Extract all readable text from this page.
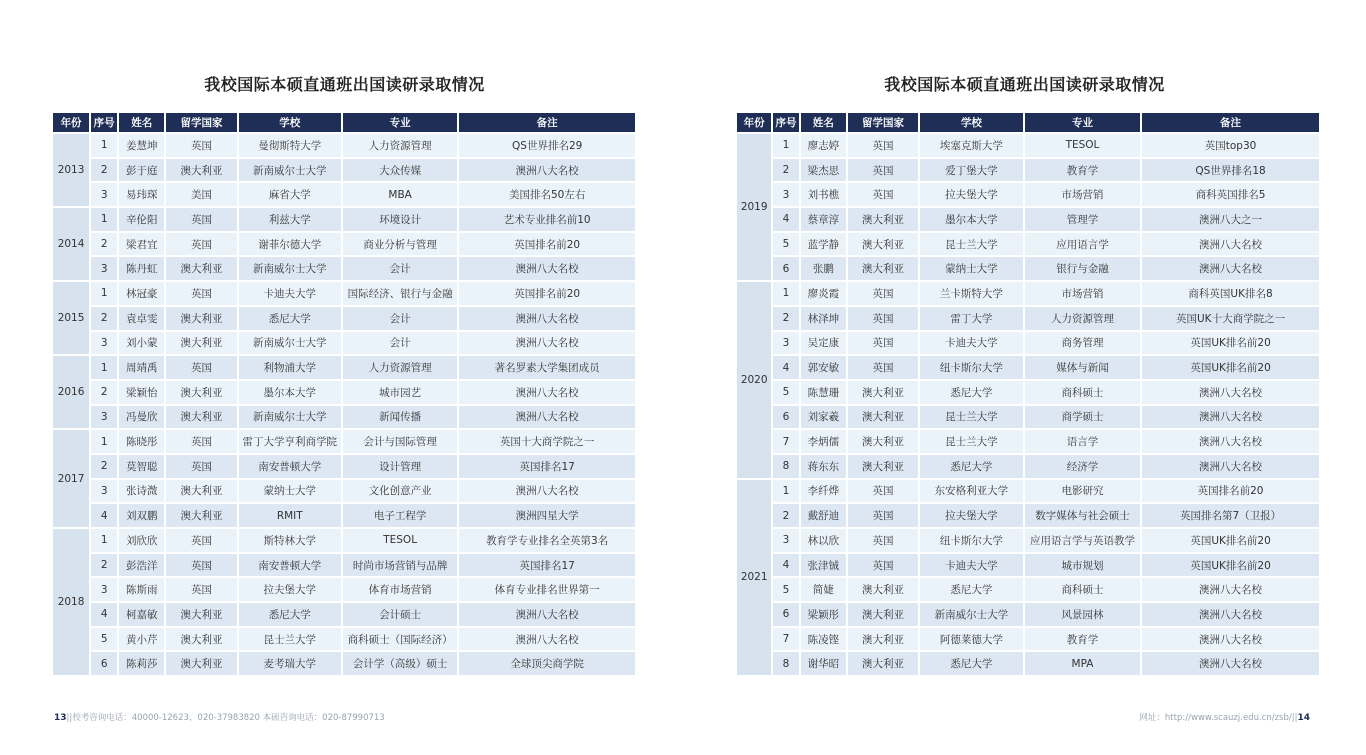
我校国际本硕直通班出国读研录取情况
年份	序号	姓名	留学国家	学校	专业	备注
2013	1	姜慧坤	英国	曼彻斯特大学	人力资源管理	QS世界排名29
	2	彭于庭	澳大利亚	新南威尔士大学	大众传媒	澳洲八大名校
	3	易玮琛	美国	麻省大学	MBA	美国排名50左右
2014	1	辛伦阳	英国	利兹大学	环境设计	艺术专业排名前10
	2	梁君宜	英国	谢菲尔德大学	商业分析与管理	英国排名前20
	3	陈丹虹	澳大利亚	新南威尔士大学	会计	澳洲八大名校
2015	1	林冠豪	英国	卡迪夫大学	国际经济、银行与金融	英国排名前20
	2	袁卓雯	澳大利亚	悉尼大学	会计	澳洲八大名校
	3	刘小蒙	澳大利亚	新南威尔士大学	会计	澳洲八大名校
2016	1	周靖禹	英国	利物浦大学	人力资源管理	著名罗素大学集团成员
	2	梁颖怡	澳大利亚	墨尔本大学	城市园艺	澳洲八大名校
	3	冯曼欣	澳大利亚	新南威尔士大学	新闻传播	澳洲八大名校
2017	1	陈晓彤	英国	雷丁大学亨利商学院	会计与国际管理	英国十大商学院之一
	2	莫智聪	英国	南安普顿大学	设计管理	英国排名17
	3	张诗溦	澳大利亚	蒙纳士大学	文化创意产业	澳洲八大名校
	4	刘双鹏	澳大利亚	RMIT	电子工程学	澳洲四星大学
2018	1	刘欣欣	英国	斯特林大学	TESOL	教育学专业排名全英第3名
	2	彭浩洋	英国	南安普顿大学	时尚市场营销与品牌	英国排名17
	3	陈斯雨	英国	拉夫堡大学	体育市场营销	体育专业排名世界第一
	4	柯嘉敏	澳大利亚	悉尼大学	会计硕士	澳洲八大名校
	5	黄小芹	澳大利亚	昆士兰大学	商科硕士（国际经济）	澳洲八大名校
	6	陈莉莎	澳大利亚	麦考瑞大学	会计学（高级）硕士	全球顶尖商学院
13||校考咨询电话：40000-12623、020-37983820 本硕咨询电话：020-87990713
我校国际本硕直通班出国读研录取情况
年份	序号	姓名	留学国家	学校	专业	备注
2019	1	廖志婷	英国	埃塞克斯大学	TESOL	英国top30
	2	梁杰思	英国	爱丁堡大学	教育学	QS世界排名18
	3	刘书樵	英国	拉夫堡大学	市场营销	商科英国排名5
	4	蔡章淳	澳大利亚	墨尔本大学	管理学	澳洲八大之一
	5	蓝学静	澳大利亚	昆士兰大学	应用语言学	澳洲八大名校
	6	张鹏	澳大利亚	蒙纳士大学	银行与金融	澳洲八大名校
2020	1	廖炎霞	英国	兰卡斯特大学	市场营销	商科英国UK排名8
	2	林泽坤	英国	雷丁大学	人力资源管理	英国UK十大商学院之一
	3	吴定康	英国	卡迪夫大学	商务管理	英国UK排名前20
	4	郭安敏	英国	纽卡斯尔大学	媒体与新闻	英国UK排名前20
	5	陈慧珊	澳大利亚	悉尼大学	商科硕士	澳洲八大名校
	6	刘家羲	澳大利亚	昆士兰大学	商学硕士	澳洲八大名校
	7	李炳儒	澳大利亚	昆士兰大学	语言学	澳洲八大名校
	8	蒋东东	澳大利亚	悉尼大学	经济学	澳洲八大名校
2021	1	李纤烨	英国	东安格利亚大学	电影研究	英国排名前20
	2	戴舒迪	英国	拉夫堡大学	数字媒体与社会硕士	英国排名第7（卫报）
	3	林以欣	英国	纽卡斯尔大学	应用语言学与英语教学	英国UK排名前20
	4	张津铖	英国	卡迪夫大学	城市规划	英国UK排名前20
	5	简婕	澳大利亚	悉尼大学	商科硕士	澳洲八大名校
	6	梁颖彤	澳大利亚	新南威尔士大学	风景园林	澳洲八大名校
	7	陈凌铿	澳大利亚	阿德莱德大学	教育学	澳洲八大名校
	8	谢华昭	澳大利亚	悉尼大学	MPA	澳洲八大名校
网址：http://www.scauzj.edu.cn/zsb/||14
